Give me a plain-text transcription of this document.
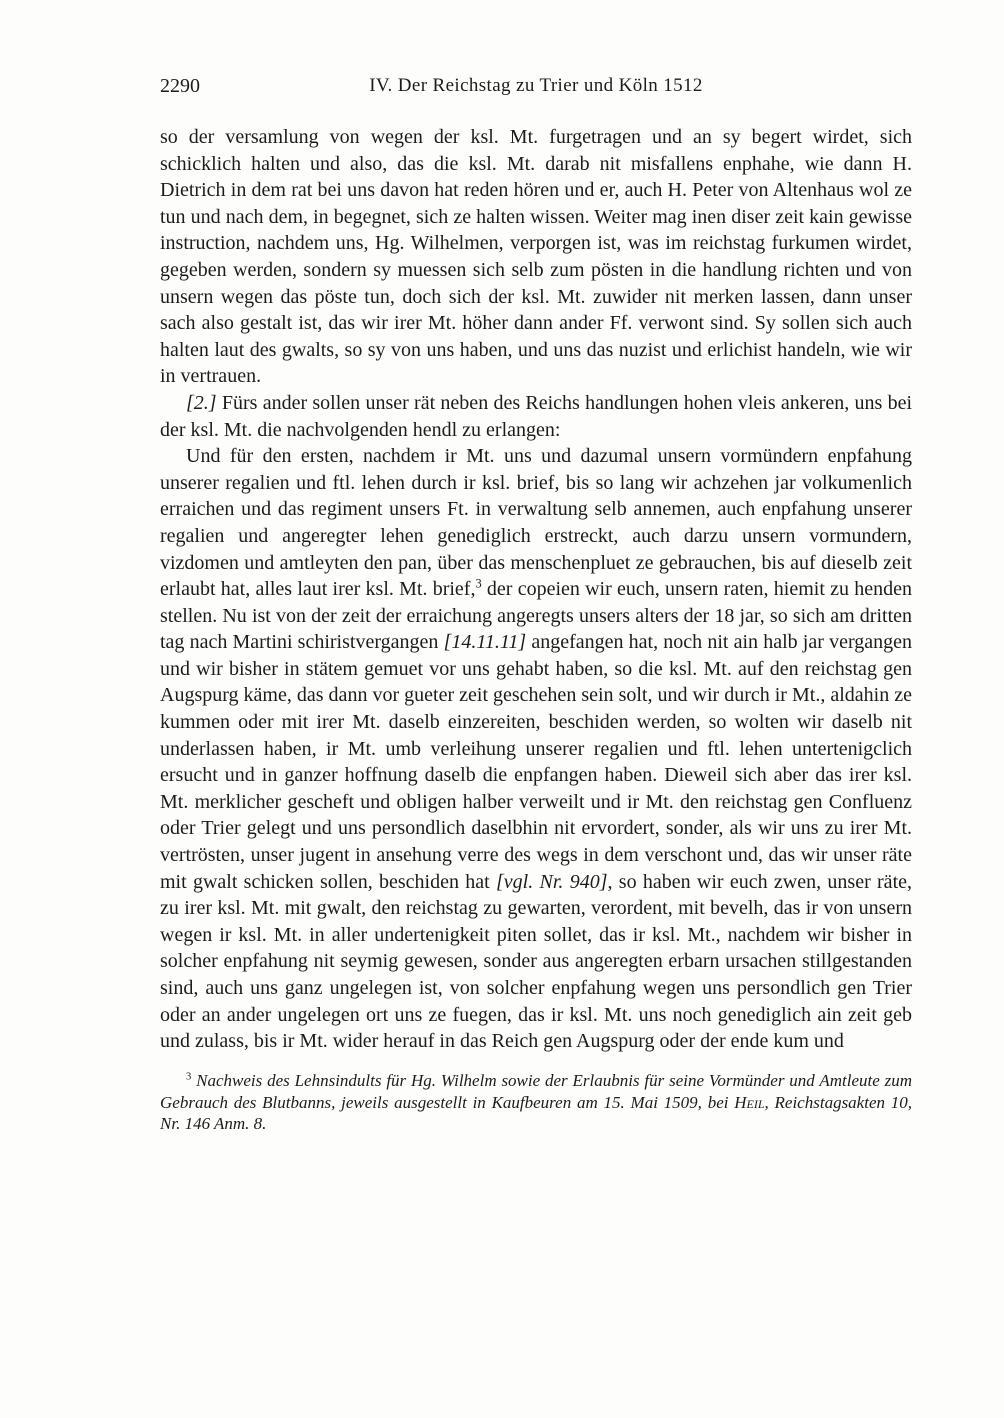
2290	IV. Der Reichstag zu Trier und Köln 1512

so der versamlung von wegen der ksl. Mt. furgetragen und an sy begert wirdet, sich schicklich halten und also, das die ksl. Mt. darab nit misfallens enphahe, wie dann H. Dietrich in dem rat bei uns davon hat reden hören und er, auch H. Peter von Altenhaus wol ze tun und nach dem, in begegnet, sich ze halten wissen. Weiter mag inen diser zeit kain gewisse instruction, nachdem uns, Hg. Wilhelmen, verporgen ist, was im reichstag furkumen wirdet, gegeben werden, sondern sy muessen sich selb zum pösten in die handlung richten und von unsern wegen das pöste tun, doch sich der ksl. Mt. zuwider nit merken lassen, dann unser sach also gestalt ist, das wir irer Mt. höher dann ander Ff. verwont sind. Sy sollen sich auch halten laut des gwalts, so sy von uns haben, und uns das nuzist und erlichist handeln, wie wir in vertrauen.

[2.] Fürs ander sollen unser rät neben des Reichs handlungen hohen vleis ankeren, uns bei der ksl. Mt. die nachvolgenden hendl zu erlangen:

Und für den ersten, nachdem ir Mt. uns und dazumal unsern vormündern enpfahung unserer regalien und ftl. lehen durch ir ksl. brief, bis so lang wir achzehen jar volkumenlich erraichen und das regiment unsers Ft. in verwaltung selb annemen, auch enpfahung unserer regalien und angeregter lehen genediglich erstreckt, auch darzu unsern vormundern, vizdomen und amtleyten den pan, über das menschenpluet ze gebrauchen, bis auf dieselb zeit erlaubt hat, alles laut irer ksl. Mt. brief,$^3$ der copeien wir euch, unsern raten, hiemit zu henden stellen. Nu ist von der zeit der erraichung angeregts unsers alters der 18 jar, so sich am dritten tag nach Martini schiristvergangen [14.11.11] angefangen hat, noch nit ain halb jar vergangen und wir bisher in stätem gemuet vor uns gehabt haben, so die ksl. Mt. auf den reichstag gen Augspurg käme, das dann vor gueter zeit geschehen sein solt, und wir durch ir Mt., aldahin ze kummen oder mit irer Mt. daselb einzereiten, beschiden werden, so wolten wir daselb nit underlassen haben, ir Mt. umb verleihung unserer regalien und ftl. lehen untertenigclich ersucht und in ganzer hoffnung daselb die enpfangen haben. Dieweil sich aber das irer ksl. Mt. merklicher gescheft und obligen halber verweilt und ir Mt. den reichstag gen Confluenz oder Trier gelegt und uns persondlich daselbhin nit ervordert, sonder, als wir uns zu irer Mt. vertrösten, unser jugent in ansehung verre des wegs in dem verschont und, das wir unser räte mit gwalt schicken sollen, beschiden hat [vgl. Nr. 940], so haben wir euch zwen, unser räte, zu irer ksl. Mt. mit gwalt, den reichstag zu gewarten, verordent, mit bevelh, das ir von unsern wegen ir ksl. Mt. in aller undertenigkeit piten sollet, das ir ksl. Mt., nachdem wir bisher in solcher enpfahung nit seymig gewesen, sonder aus angeregten erbarn ursachen stillgestanden sind, auch uns ganz ungelegen ist, von solcher enpfahung wegen uns persondlich gen Trier oder an ander ungelegen ort uns ze fuegen, das ir ksl. Mt. uns noch genediglich ain zeit geb und zulass, bis ir Mt. wider herauf in das Reich gen Augspurg oder der ende kum und

$^3$ Nachweis des Lehnsindults für Hg. Wilhelm sowie der Erlaubnis für seine Vormünder und Amtleute zum Gebrauch des Blutbanns, jeweils ausgestellt in Kaufbeuren am 15. Mai 1509, bei Heil, Reichstagsakten 10, Nr. 146 Anm. 8.
